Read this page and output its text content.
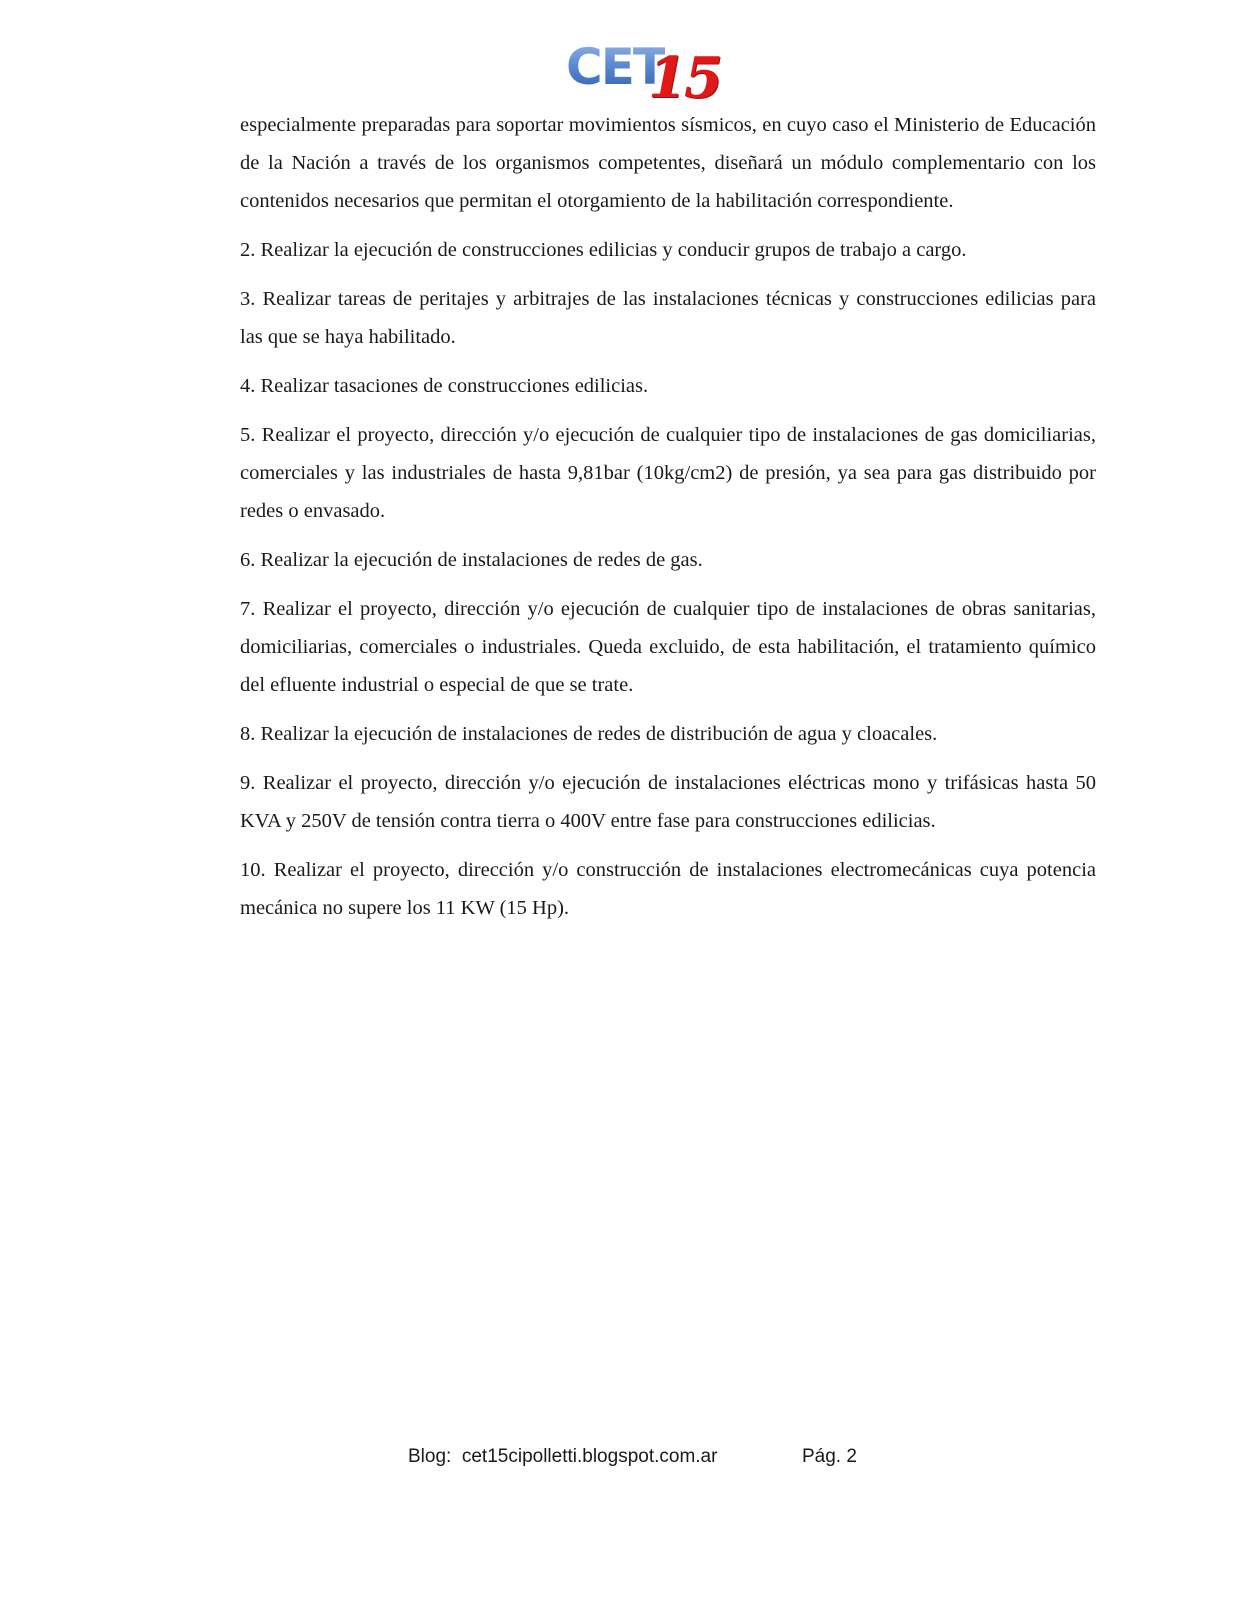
CET
15

especialmente preparadas para soportar movimientos sísmicos, en cuyo caso el Ministerio de Educación de la Nación a través de los organismos competentes, diseñará un módulo complementario con los contenidos necesarios que permitan el otorgamiento de la habilitación correspondiente.

2. Realizar la ejecución de construcciones edilicias y conducir grupos de trabajo a cargo.

3. Realizar tareas de peritajes y arbitrajes de las instalaciones técnicas y construcciones edilicias para las que se haya habilitado.

4. Realizar tasaciones de construcciones edilicias.

5. Realizar el proyecto, dirección y/o ejecución de cualquier tipo de instalaciones de gas domiciliarias, comerciales y las industriales de hasta 9,81bar (10kg/cm2) de presión, ya sea para gas distribuido por redes o envasado.

6. Realizar la ejecución de instalaciones de redes de gas.

7. Realizar el proyecto, dirección y/o ejecución de cualquier tipo de instalaciones de obras sanitarias, domiciliarias, comerciales o industriales. Queda excluido, de esta habilitación, el tratamiento químico del efluente industrial o especial de que se trate.

8. Realizar la ejecución de instalaciones de redes de distribución de agua y cloacales.

9. Realizar el proyecto, dirección y/o ejecución de instalaciones eléctricas mono y trifásicas hasta 50 KVA y 250V de tensión contra tierra o 400V entre fase para construcciones edilicias.

10. Realizar el proyecto, dirección y/o construcción de instalaciones electromecánicas cuya potencia mecánica no supere los 11 KW (15 Hp).

Blog:  cet15cipolletti.blogspot.com.ar	Pág. 2
